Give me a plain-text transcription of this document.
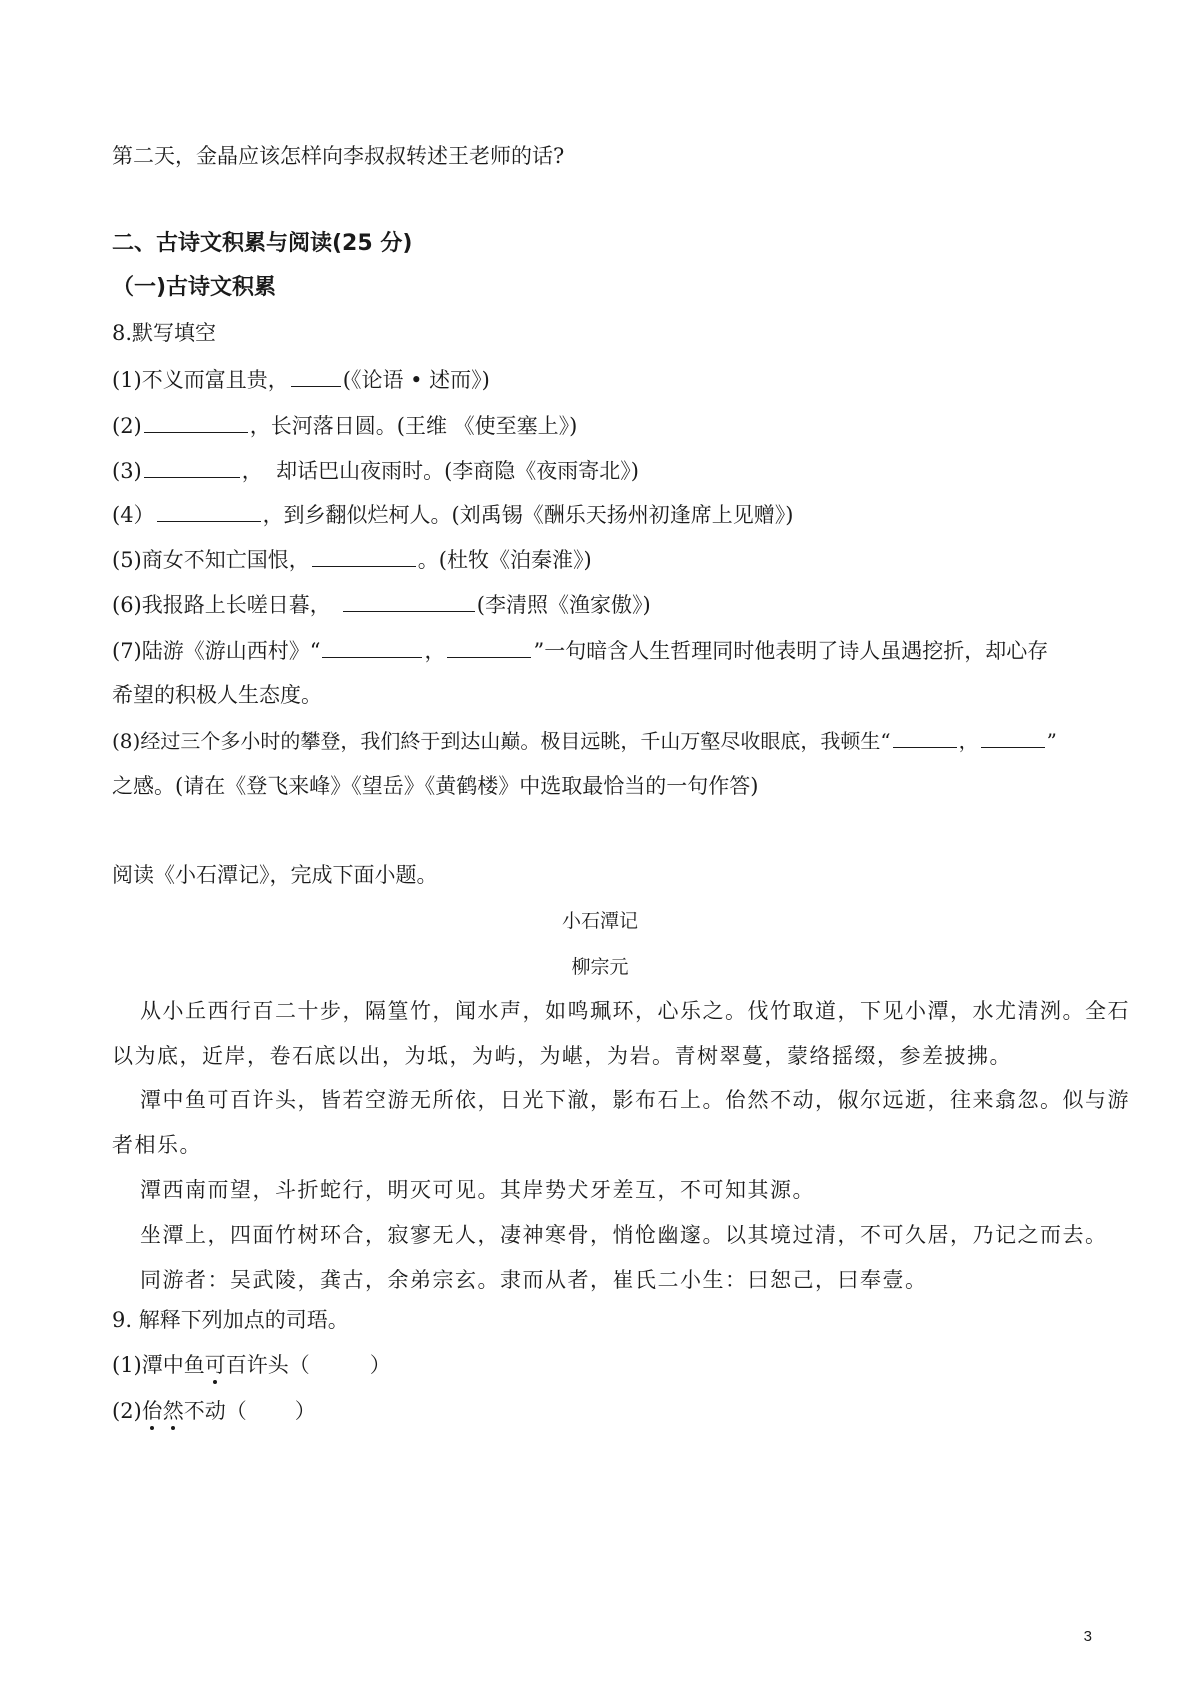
第二天，金晶应该怎样向李叔叔转述王老师的话?
二、古诗文积累与阅读(25 分)
（一)古诗文积累
8.默写填空
(1)不义而富且贵，	(《论语 • 述而》)
(2)	，长河落日圆。(王维 《使至塞上》)
(3)	，  却话巴山夜雨时。(李商隐《夜雨寄北》)
(4）	，到乡翻似烂柯人。(刘禹锡《酬乐天扬州初逢席上见赠》)
(5)商女不知亡国恨，	。(杜牧《泊秦淮》)
(6)我报路上长嗟日暮，	(李清照《渔家傲》)
(7)陆游《游山西村》“	，	”一句暗含人生哲理同时他表明了诗人虽遇挖折，却心存
希望的积极人生态度。
(8)经过三个多小时的攀登，我们終于到达山巅。极目远眺，千山万壑尽收眼底，我顿生“	，	”
之感。(请在《登飞来峰》《望岳》《黄鹤楼》中选取最恰当的一句作答)
阅读《小石潭记》，完成下面小题。
小石潭记
柳宗元
从小丘西行百二十步，隔篁竹，闻水声，如鸣珮环，心乐之。伐竹取道，下见小潭，水尤清洌。全石
以为底，近岸，卷石底以出，为坻，为屿，为嵁，为岩。青树翠蔓，蒙络摇缀，参差披拂。
潭中鱼可百许头，皆若空游无所依，日光下澈，影布石上。佁然不动，俶尔远逝，往来翕忽。似与游
者相乐。
潭西南而望，斗折蛇行，明灭可见。其岸势犬牙差互，不可知其源。
坐潭上，四面竹树环合，寂寥无人，凄神寒骨，悄怆幽邃。以其境过清，不可久居，乃记之而去。
同游者：吴武陵，龚古，余弟宗玄。隶而从者，崔氏二小生：曰恕己，曰奉壹。
9. 解释下列加点的司珸。
(1)潭中鱼可百许头（	）
(2)佁然不动（ ）
3
